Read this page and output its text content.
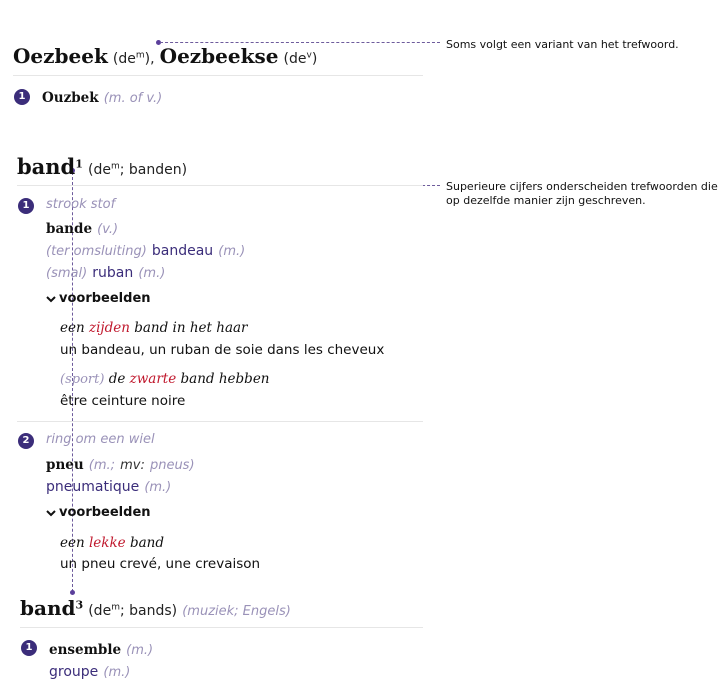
Soms volgt een variant van het trefwoord.
Superieure cijfers onderscheiden trefwoorden die op dezelfde manier zijn geschreven.
Oezbeek $(de^m)$, Oezbeekse $(de^v)$
1	Ouzbek (m. of v.)
band$^1$ ($de^m$; banden)
1	strook stof
bande (v.)
(ter omsluiting) bandeau (m.)
(smal) ruban (m.)
voorbeelden
een zijden band in het haar
un bandeau, un ruban de soie dans les cheveux
(sport) de zwarte band hebben
être ceinture noire
2	ring om een wiel
pneu (m.; mv: pneus)
pneumatique (m.)
voorbeelden
een lekke band
un pneu crevé, une crevaison
band$^3$ ($de^m$; bands) (muziek; Engels)
1	ensemble (m.)
groupe (m.)
